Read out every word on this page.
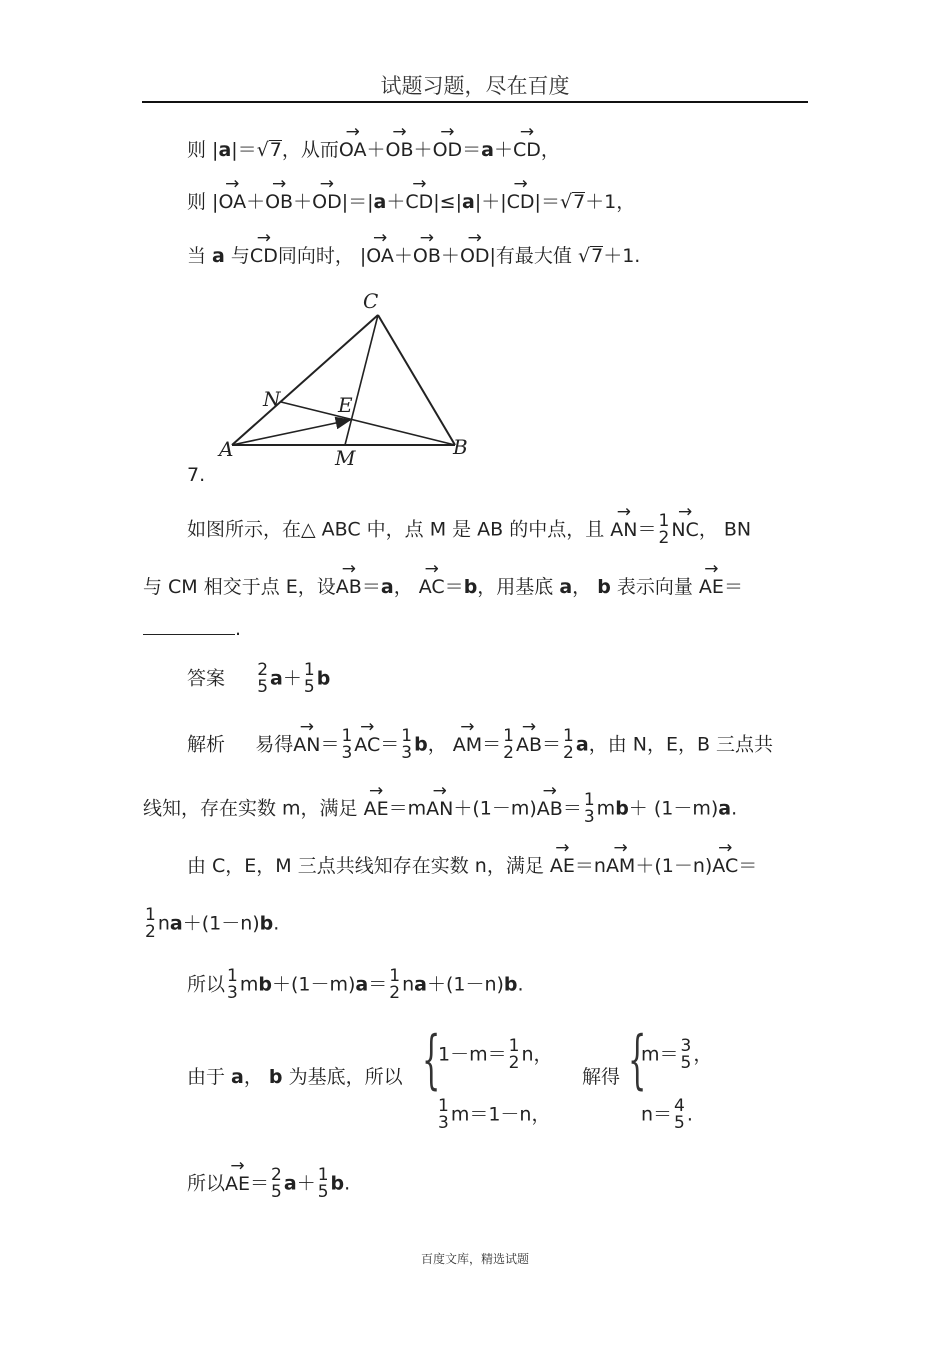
试题习题，尽在百度
则 |a|＝√7，从而→ OA＋→ OB＋→ OD＝a＋→ CD，
则 |→ OA＋→ OB＋→ OD|＝|a＋→ CD|≤|a|＋|→ CD|＝√7＋1，
当 a 与→ CD同向时， |→ OA＋→ OB＋→ OD|有最大值 √7＋1.
C
N	E
A	M	B
7.
如图所示，在△ ABC 中，点 M 是 AB 的中点，且 → AN＝ 1
2 → NC， BN
与 CM 相交于点 E，设→ AB＝a， → AC＝b，用基底 a， b 表示向量 → AE＝
.
答案 2
5 a＋ 1
5 b
解析 易得→ AN＝ 1
3 → AC＝ 1
3 b， → AM＝ 1
2 → AB＝ 1
2 a，由 N，E，B 三点共
线知，存在实数 m，满足 → AE＝m→ AN＋(1－m)→ AB＝ 1
3 mb＋ (1－m)a.
由 C，E，M 三点共线知存在实数 n，满足 → AE＝n→ AM＋(1－n)→ AC＝
1
2 na＋(1－n)b.
所以 1
3 mb＋(1－m)a＝ 1
2 na＋(1－n)b.
由于 a， b 为基底，所以 {
1－m＝ 1
2 n，
1
3 m＝1－n，
解得 {
m＝ 3
5 ，
n＝ 4
5 .
所以→ AE＝ 2
5 a＋ 1
5 b.
百度文库，精选试题
